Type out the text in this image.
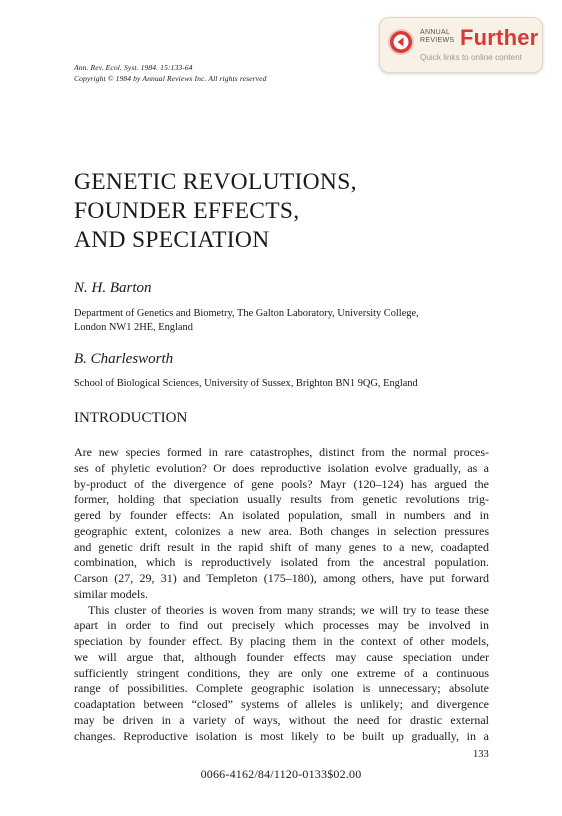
Ann. Rev. Ecol. Syst. 1984. 15:133-64
Copyright © 1984 by Annual Reviews Inc. All rights reserved
ANNUAL
REVIEWS Further
Quick links to online content
GENETIC REVOLUTIONS,
FOUNDER EFFECTS,
AND SPECIATION
N. H. Barton
Department of Genetics and Biometry, The Galton Laboratory, University College,
London NW1 2HE, England
B. Charlesworth
School of Biological Sciences, University of Sussex, Brighton BN1 9QG, England
INTRODUCTION
Are new species formed in rare catastrophes, distinct from the normal proces-
ses of phyletic evolution? Or does reproductive isolation evolve gradually, as a
by-product of the divergence of gene pools? Mayr (120–124) has argued the
former, holding that speciation usually results from genetic revolutions trig-
gered by founder effects: An isolated population, small in numbers and in
geographic extent, colonizes a new area. Both changes in selection pressures
and genetic drift result in the rapid shift of many genes to a new, coadapted
combination, which is reproductively isolated from the ancestral population.
Carson (27, 29, 31) and Templeton (175–180), among others, have put forward
similar models.
This cluster of theories is woven from many strands; we will try to tease these
apart in order to find out precisely which processes may be involved in
speciation by founder effect. By placing them in the context of other models,
we will argue that, although founder effects may cause speciation under
sufficiently stringent conditions, they are only one extreme of a continuous
range of possibilities. Complete geographic isolation is unnecessary; absolute
coadaptation between “closed” systems of alleles is unlikely; and divergence
may be driven in a variety of ways, without the need for drastic external
changes. Reproductive isolation is most likely to be built up gradually, in a
133
0066-4162/84/1120-0133$02.00
